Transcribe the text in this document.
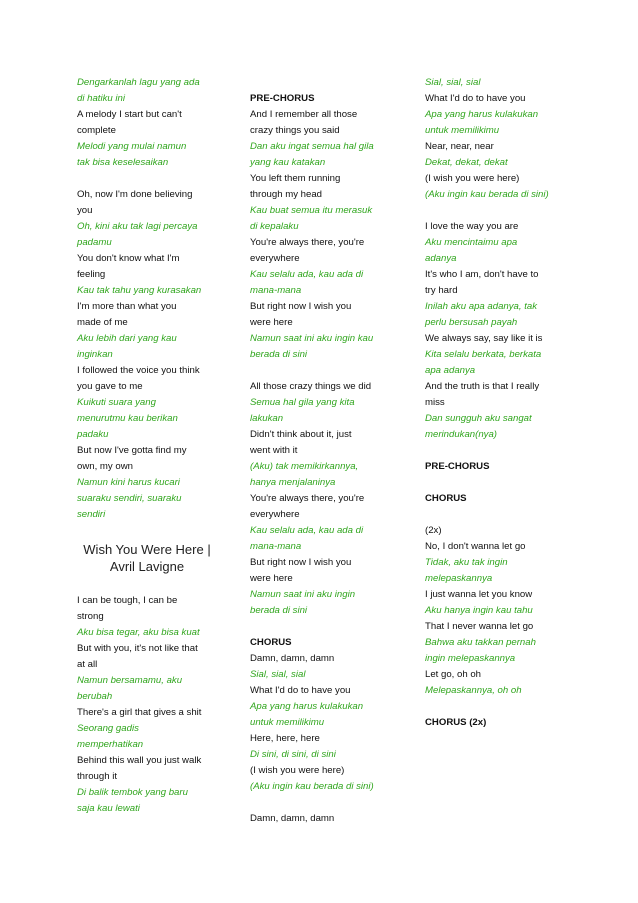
Dengarkanlah lagu yang ada
di hatiku ini
A melody I start but can't
complete
Melodi yang mulai namun
tak bisa keselesaikan
Oh, now I'm done believing
you
Oh, kini aku tak lagi percaya
padamu
You don't know what I'm
feeling
Kau tak tahu yang kurasakan
I'm more than what you
made of me
Aku lebih dari yang kau
inginkan
I followed the voice you think
you gave to me
Kuikuti suara yang
menurutmu kau berikan
padaku
But now I've gotta find my
own, my own
Namun kini harus kucari
suaraku sendiri, suaraku
sendiri
Wish You Were Here |
Avril Lavigne
I can be tough, I can be
strong
Aku bisa tegar, aku bisa kuat
But with you, it's not like that
at all
Namun bersamamu, aku
berubah
There's a girl that gives a shit
Seorang gadis
memperhatikan
Behind this wall you just walk
through it
Di balik tembok yang baru
saja kau lewati
PRE-CHORUS
And I remember all those
crazy things you said
Dan aku ingat semua hal gila
yang kau katakan
You left them running
through my head
Kau buat semua itu merasuk
di kepalaku
You're always there, you're
everywhere
Kau selalu ada, kau ada di
mana-mana
But right now I wish you
were here
Namun saat ini aku ingin kau
berada di sini
All those crazy things we did
Semua hal gila yang kita
lakukan
Didn't think about it, just
went with it
(Aku) tak memikirkannya,
hanya menjalaninya
You're always there, you're
everywhere
Kau selalu ada, kau ada di
mana-mana
But right now I wish you
were here
Namun saat ini aku ingin
berada di sini
CHORUS
Damn, damn, damn
Sial, sial, sial
What I'd do to have you
Apa yang harus kulakukan
untuk memilikimu
Here, here, here
Di sini, di sini, di sini
(I wish you were here)
(Aku ingin kau berada di sini)
Damn, damn, damn
Sial, sial, sial
What I'd do to have you
Apa yang harus kulakukan
untuk memilikimu
Near, near, near
Dekat, dekat, dekat
(I wish you were here)
(Aku ingin kau berada di sini)
I love the way you are
Aku mencintaimu apa
adanya
It's who I am, don't have to
try hard
Inilah aku apa adanya, tak
perlu bersusah payah
We always say, say like it is
Kita selalu berkata, berkata
apa adanya
And the truth is that I really
miss
Dan sungguh aku sangat
merindukan(nya)
PRE-CHORUS
CHORUS
(2x)
No, I don't wanna let go
Tidak, aku tak ingin
melepaskannya
I just wanna let you know
Aku hanya ingin kau tahu
That I never wanna let go
Bahwa aku takkan pernah
ingin melepaskannya
Let go, oh oh
Melepaskannya, oh oh
CHORUS (2x)
